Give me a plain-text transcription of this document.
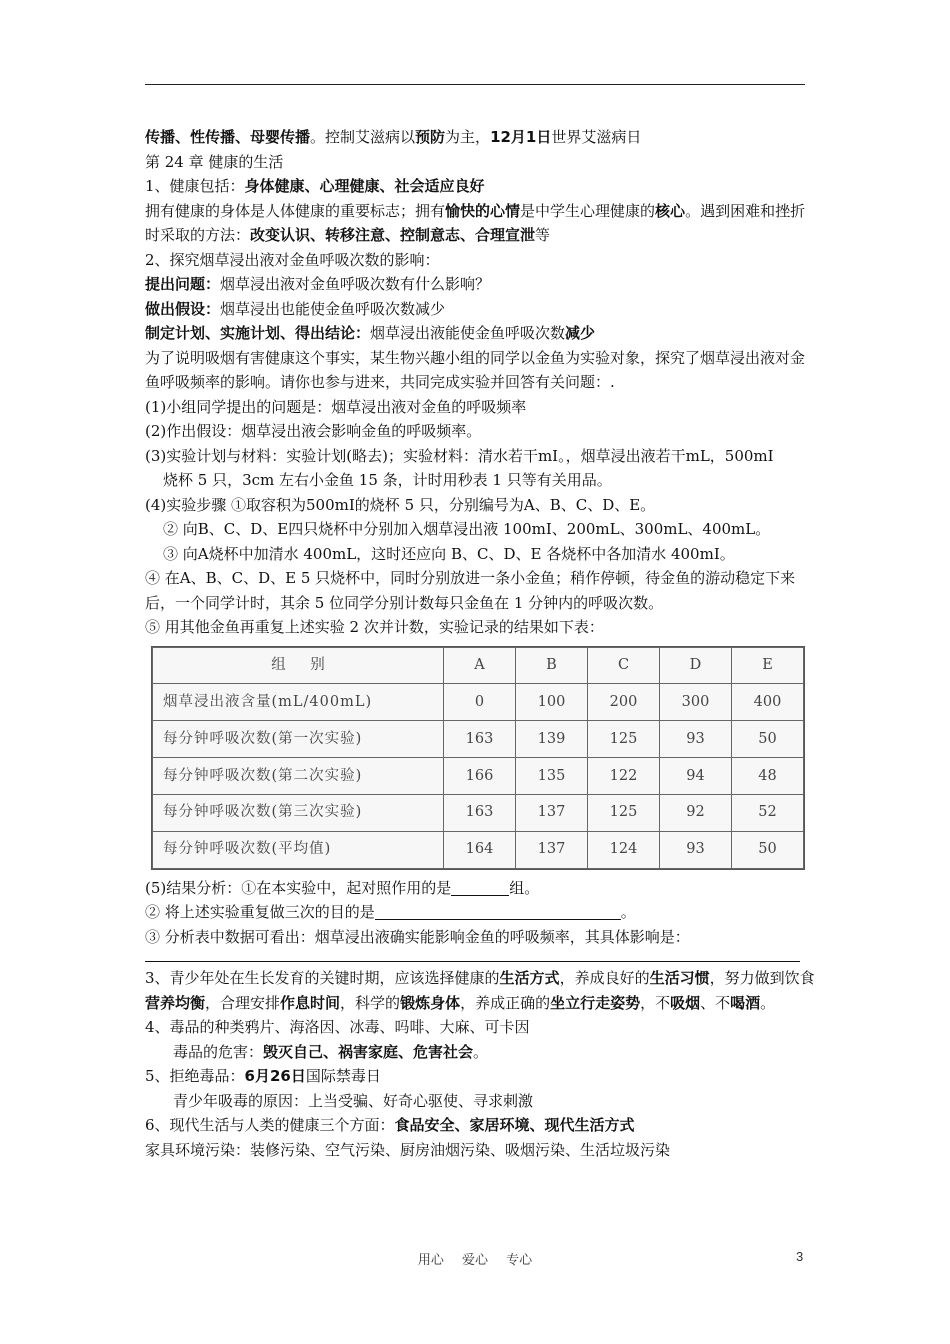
传播、性传播、母婴传播。控制艾滋病以预防为主，12月1日世界艾滋病日

第 24 章 健康的生活

1、健康包括：身体健康、心理健康、社会适应良好

拥有健康的身体是人体健康的重要标志；拥有愉快的心情是中学生心理健康的核心。遇到困难和挫折时采取的方法：改变认识、转移注意、控制意志、合理宣泄等

2、探究烟草浸出液对金鱼呼吸次数的影响：

提出问题：烟草浸出液对金鱼呼吸次数有什么影响？

做出假设：烟草浸出也能使金鱼呼吸次数减少

制定计划、实施计划、得出结论：烟草浸出液能使金鱼呼吸次数减少

为了说明吸烟有害健康这个事实，某生物兴趣小组的同学以金鱼为实验对象，探究了烟草浸出液对金鱼呼吸频率的影响。请你也参与进来，共同完成实验并回答有关问题：.

(1)小组同学提出的问题是：烟草浸出液对金鱼的呼吸频率

(2)作出假设：烟草浸出液会影响金鱼的呼吸频率。

(3)实验计划与材料：实验计划(略去)；实验材料：清水若干mI。，烟草浸出液若干mL，500mI

烧杯 5 只，3cm 左右小金鱼 15 条，计时用秒表 1 只等有关用品。

(4)实验步骤 ①取容积为500mI的烧杯 5 只，分别编号为A、B、C、D、E。

② 向B、C、D、E四只烧杯中分别加入烟草浸出液 100mI、200mL、300mL、400mL。

③ 向A烧杯中加清水 400mL，这时还应向 B、C、D、E 各烧杯中各加清水 400mI。

④ 在A、B、C、D、E 5 只烧杯中，同时分别放进一条小金鱼；稍作停顿，待金鱼的游动稳定下来后，一个同学计时，其余 5 位同学分别计数每只金鱼在 1 分钟内的呼吸次数。

⑤ 用其他金鱼再重复上述实验 2 次并计数，实验记录的结果如下表：

组 别	A	B	C	D	E
烟草浸出液含量(mL/400mL)	0	100	200	300	400
每分钟呼吸次数(第一次实验)	163	139	125	93	50
每分钟呼吸次数(第二次实验)	166	135	122	94	48
每分钟呼吸次数(第三次实验)	163	137	125	92	52
每分钟呼吸次数(平均值)	164	137	124	93	50

(5)结果分析：①在本实验中，起对照作用的是	组。

② 将上述实验重复做三次的目的是	。

③ 分析表中数据可看出：烟草浸出液确实能影响金鱼的呼吸频率，其具体影响是：

3、青少年处在生长发育的关键时期，应该选择健康的生活方式，养成良好的生活习惯，努力做到饮食营养均衡，合理安排作息时间，科学的锻炼身体，养成正确的坐立行走姿势，不吸烟、不喝酒。

4、毒品的种类鸦片、海洛因、冰毒、吗啡、大麻、可卡因

毒品的危害：毁灭自己、祸害家庭、危害社会。

5、拒绝毒品：6月26日国际禁毒日

青少年吸毒的原因：上当受骗、好奇心驱使、寻求刺激

6、现代生活与人类的健康三个方面：食品安全、家居环境、现代生活方式

家具环境污染：装修污染、空气污染、厨房油烟污染、吸烟污染、生活垃圾污染

用心 爱心 专心	3
